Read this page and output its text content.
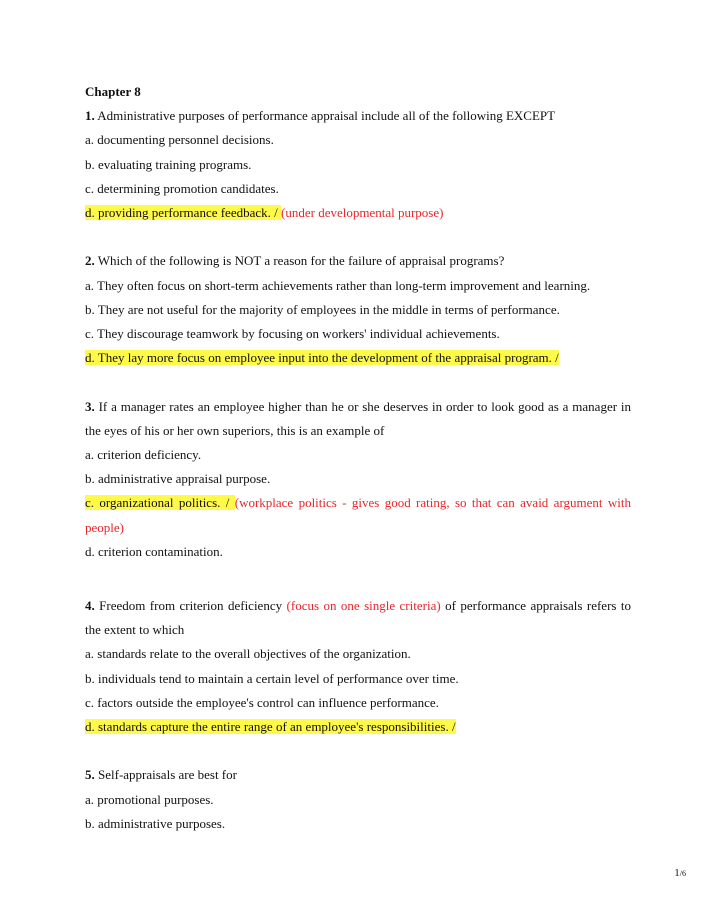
Chapter 8
1. Administrative purposes of performance appraisal include all of the following EXCEPT
a. documenting personnel decisions.
b. evaluating training programs.
c. determining promotion candidates.
d. providing performance feedback. / (under developmental purpose)
2. Which of the following is NOT a reason for the failure of appraisal programs?
a. They often focus on short-term achievements rather than long-term improvement and learning.
b. They are not useful for the majority of employees in the middle in terms of performance.
c. They discourage teamwork by focusing on workers' individual achievements.
d. They lay more focus on employee input into the development of the appraisal program. /
3. If a manager rates an employee higher than he or she deserves in order to look good as a manager in the eyes of his or her own superiors, this is an example of
a. criterion deficiency.
b. administrative appraisal purpose.
c. organizational politics. / (workplace politics - gives good rating, so that can avaid argument with people)
d. criterion contamination.
4. Freedom from criterion deficiency (focus on one single criteria) of performance appraisals refers to the extent to which
a. standards relate to the overall objectives of the organization.
b. individuals tend to maintain a certain level of performance over time.
c. factors outside the employee's control can influence performance.
d. standards capture the entire range of an employee's responsibilities. /
5. Self-appraisals are best for
a. promotional purposes.
b. administrative purposes.
1/6
